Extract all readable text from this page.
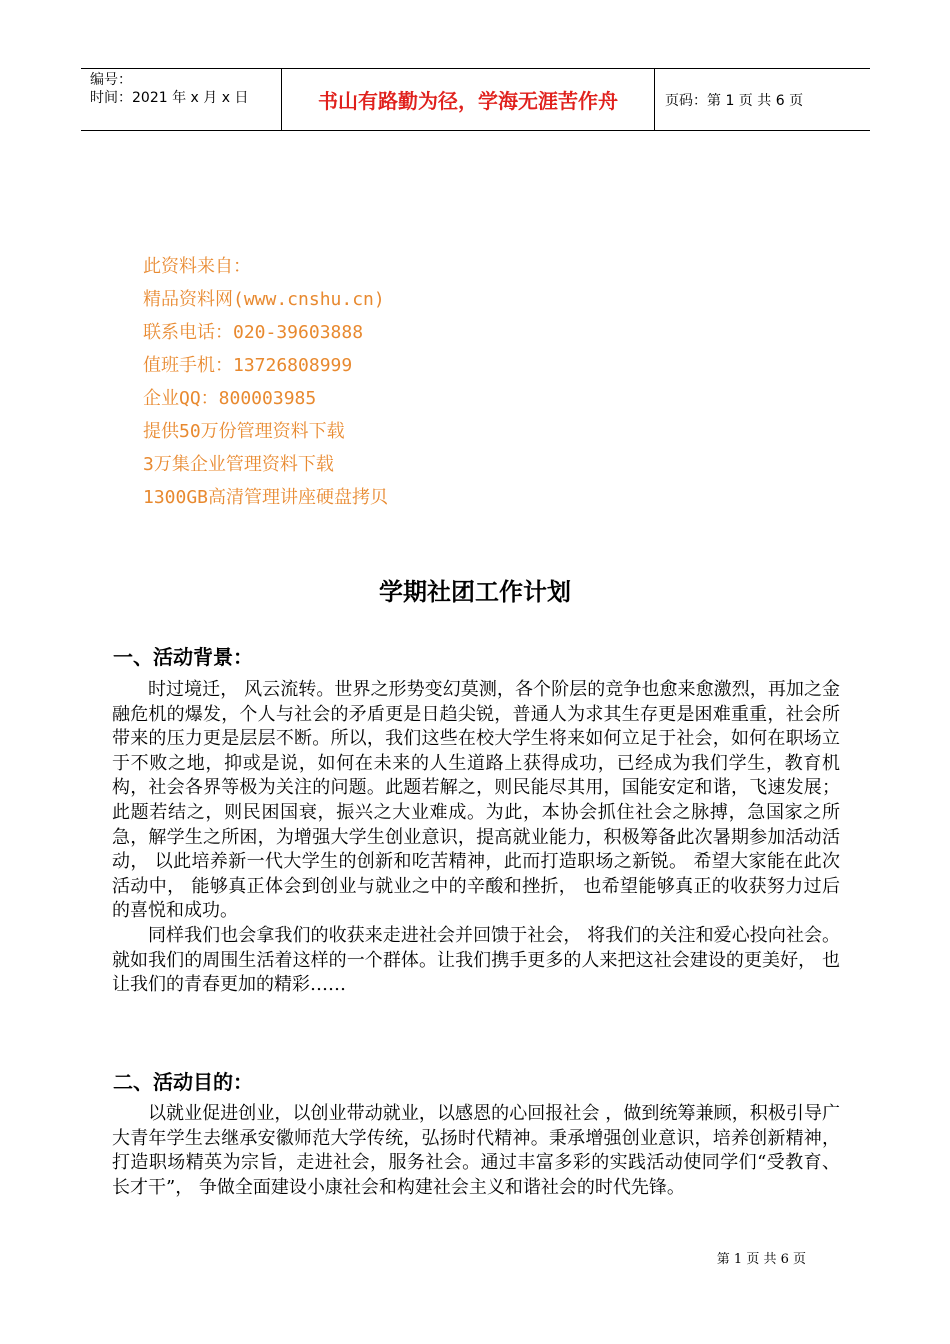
编号：
时间：2021 年 x 月 x 日	书山有路勤为径，学海无涯苦作舟	页码：第 1 页 共 6 页
此资料来自：
精品资料网(www.cnshu.cn)
联系电话：020-39603888
值班手机：13726808999
企业QQ：800003985
提供50万份管理资料下载
3万集企业管理资料下载
1300GB高清管理讲座硬盘拷贝
学期社团工作计划
一、活动背景：

时过境迁， 风云流转。世界之形势变幻莫测，各个阶层的竞争也愈来愈激烈，再加之金融危机的爆发，个人与社会的矛盾更是日趋尖锐，普通人为求其生存更是困难重重，社会所带来的压力更是层层不断。所以，我们这些在校大学生将来如何立足于社会，如何在职场立于不败之地，抑或是说，如何在未来的人生道路上获得成功，已经成为我们学生，教育机构，社会各界等极为关注的问题。此题若解之，则民能尽其用，国能安定和谐，飞速发展；此题若结之，则民困国衰，振兴之大业难成。为此，本协会抓住社会之脉搏，急国家之所急，解学生之所困，为增强大学生创业意识，提高就业能力，积极筹备此次暑期参加活动活动， 以此培养新一代大学生的创新和吃苦精神，此而打造职场之新锐。 希望大家能在此次活动中， 能够真正体会到创业与就业之中的辛酸和挫折， 也希望能够真正的收获努力过后的喜悦和成功。

同样我们也会拿我们的收获来走进社会并回馈于社会， 将我们的关注和爱心投向社会。就如我们的周围生活着这样的一个群体。让我们携手更多的人来把这社会建设的更美好， 也让我们的青春更加的精彩……

二、活动目的：

以就业促进创业，以创业带动就业，以感恩的心回报社会 ，做到统筹兼顾，积极引导广大青年学生去继承安徽师范大学传统，弘扬时代精神。秉承增强创业意识，培养创新精神，打造职场精英为宗旨，走进社会，服务社会。通过丰富多彩的实践活动使同学们“受教育、长才干”， 争做全面建设小康社会和构建社会主义和谐社会的时代先锋。

第 1 页 共 6 页
